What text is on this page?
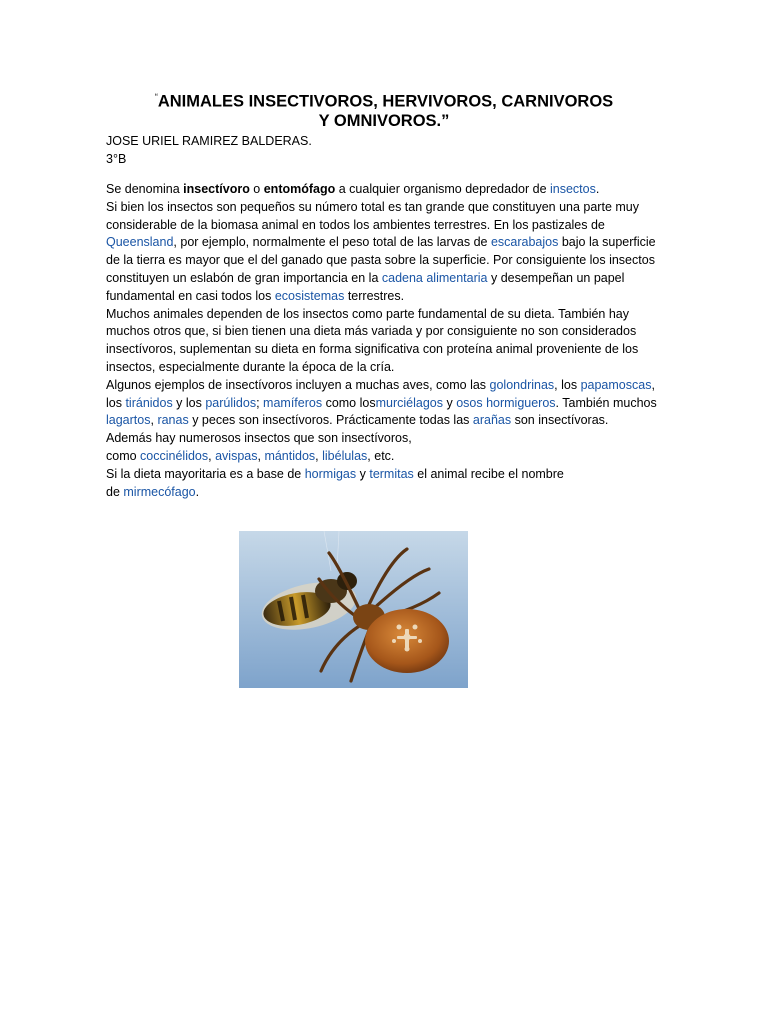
“ANIMALES INSECTIVOROS, HERVIVOROS, CARNIVOROS
Y OMNIVOROS.”
JOSE URIEL RAMIREZ BALDERAS.
3°B

Se denomina insectívoro o entomófago a cualquier organismo depredador de insectos.

Si bien los insectos son pequeños su número total es tan grande que constituyen una parte muy considerable de la biomasa animal en todos los ambientes terrestres. En los pastizales de Queensland, por ejemplo, normalmente el peso total de las larvas de escarabajos bajo la superficie de la tierra es mayor que el del ganado que pasta sobre la superficie. Por consiguiente los insectos constituyen un eslabón de gran importancia en la cadena alimentaria y desempeñan un papel fundamental en casi todos los ecosistemas terrestres.

Muchos animales dependen de los insectos como parte fundamental de su dieta. También hay muchos otros que, si bien tienen una dieta más variada y por consiguiente no son considerados insectívoros, suplementan su dieta en forma significativa con proteína animal proveniente de los insectos, especialmente durante la época de la cría.

Algunos ejemplos de insectívoros incluyen a muchas aves, como las golondrinas, los papamoscas, los tiránidos y los parúlidos; mamíferos como losmurciélagos y osos hormigueros. También muchos lagartos, ranas y peces son insectívoros. Prácticamente todas las arañas son insectívoras.

Además hay numerosos insectos que son insectívoros,
como coccinélidos, avispas, mántidos, libélulas, etc.

Si la dieta mayoritaria es a base de hormigas y termitas el animal recibe el nombre
de mirmecófago.
